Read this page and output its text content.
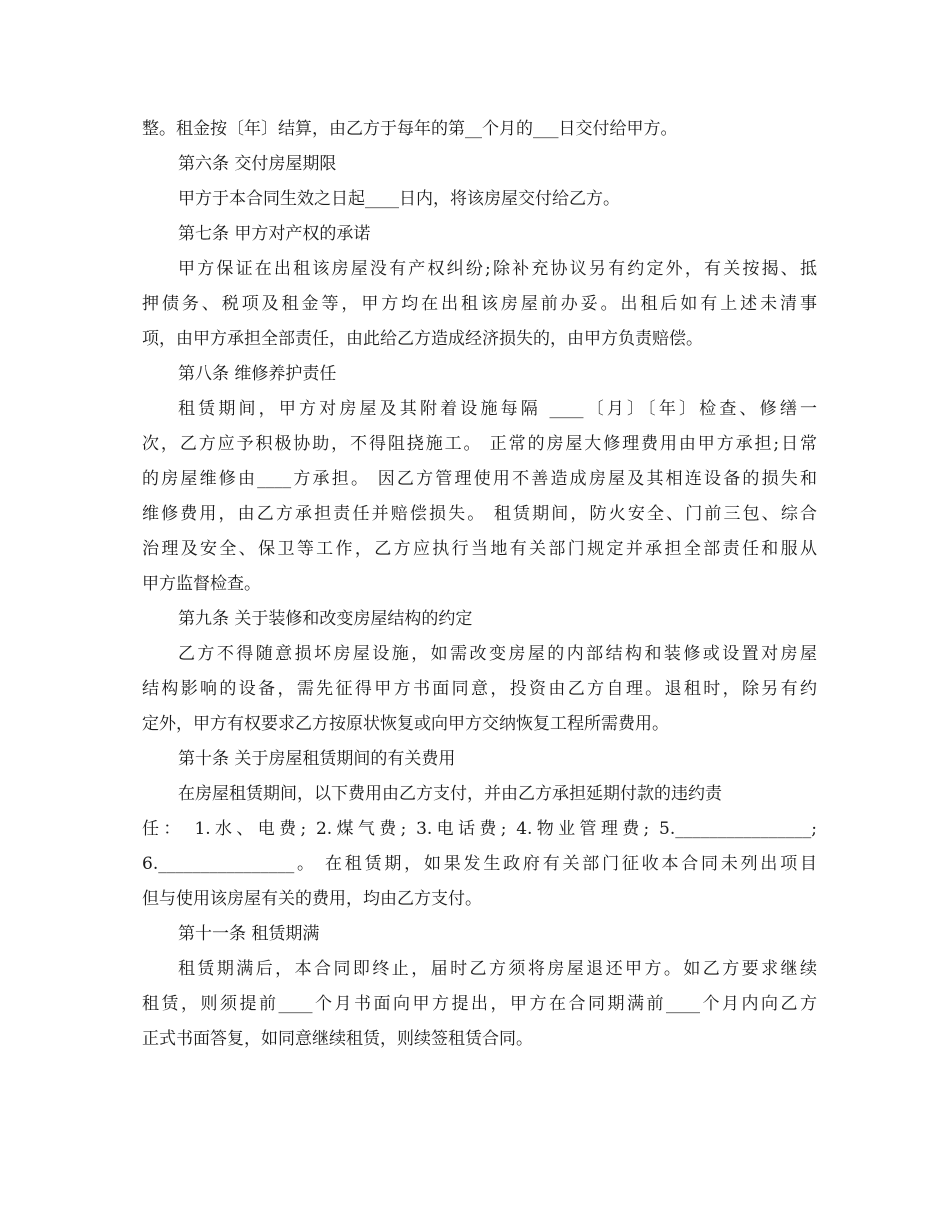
整。租金按〔年〕结算，由乙方于每年的第__个月的___日交付给甲方。
第六条 交付房屋期限
甲方于本合同生效之日起____日内，将该房屋交付给乙方。
第七条 甲方对产权的承诺
甲方保证在出租该房屋没有产权纠纷;除补充协议另有约定外，有关按揭、抵
押债务、税项及租金等，甲方均在出租该房屋前办妥。出租后如有上述未清事
项，由甲方承担全部责任，由此给乙方造成经济损失的，由甲方负责赔偿。
第八条 维修养护责任
租赁期间，甲方对房屋及其附着设施每隔 ____〔月〕〔年〕检查、修缮一
次，乙方应予积极协助，不得阻挠施工。 正常的房屋大修理费用由甲方承担;日常
的房屋维修由____方承担。 因乙方管理使用不善造成房屋及其相连设备的损失和
维修费用，由乙方承担责任并赔偿损失。 租赁期间，防火安全、门前三包、综合
治理及安全、保卫等工作，乙方应执行当地有关部门规定并承担全部责任和服从
甲方监督检查。
第九条 关于装修和改变房屋结构的约定
乙方不得随意损坏房屋设施，如需改变房屋的内部结构和装修或设置对房屋
结构影响的设备，需先征得甲方书面同意，投资由乙方自理。退租时，除另有约
定外，甲方有权要求乙方按原状恢复或向甲方交纳恢复工程所需费用。
第十条 关于房屋租赁期间的有关费用
在房屋租赁期间，以下费用由乙方支付，并由乙方承担延期付款的违约责
任： 1.水、电费; 2.煤气费; 3.电话费; 4.物业管理费; 5.________________;
6.________________。 在租赁期，如果发生政府有关部门征收本合同未列出项目
但与使用该房屋有关的费用，均由乙方支付。
第十一条 租赁期满
租赁期满后，本合同即终止，届时乙方须将房屋退还甲方。如乙方要求继续
租赁，则须提前____个月书面向甲方提出，甲方在合同期满前____个月内向乙方
正式书面答复，如同意继续租赁，则续签租赁合同。
